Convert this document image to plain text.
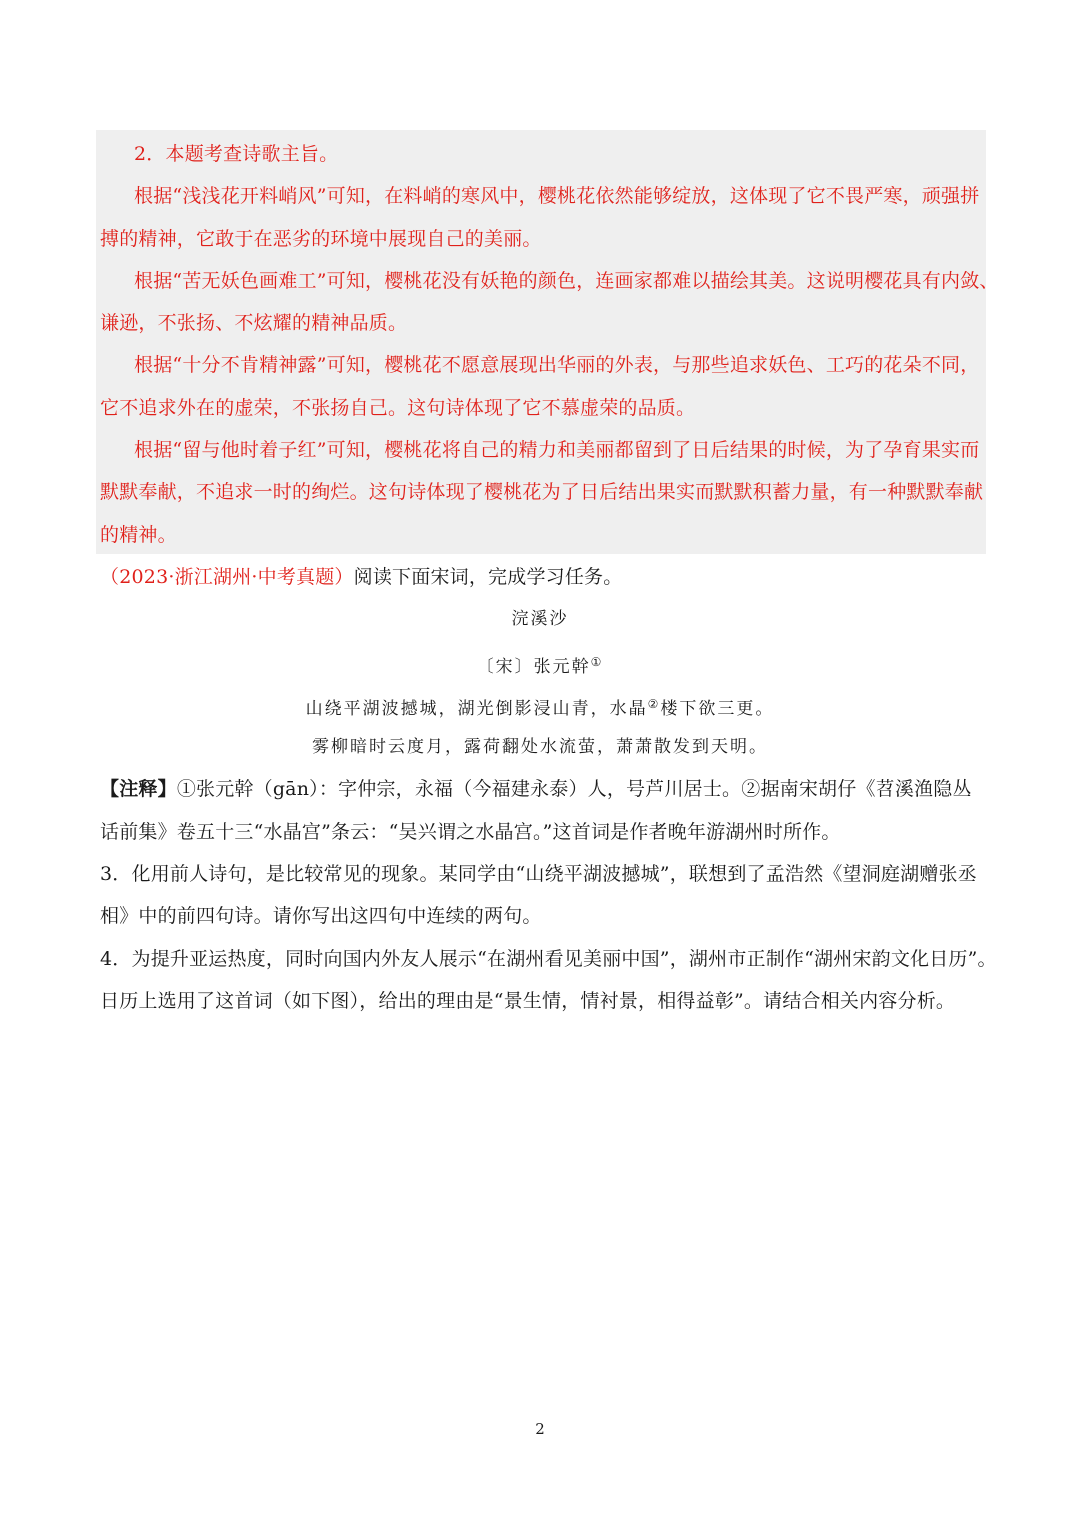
2．本题考查诗歌主旨。
根据“浅浅花开料峭风”可知，在料峭的寒风中，樱桃花依然能够绽放，这体现了它不畏严寒，顽强拼
搏的精神，它敢于在恶劣的环境中展现自己的美丽。
根据“苦无妖色画难工”可知，樱桃花没有妖艳的颜色，连画家都难以描绘其美。这说明樱花具有内敛、
谦逊，不张扬、不炫耀的精神品质。
根据“十分不肯精神露”可知，樱桃花不愿意展现出华丽的外表，与那些追求妖色、工巧的花朵不同，
它不追求外在的虚荣，不张扬自己。这句诗体现了它不慕虚荣的品质。
根据“留与他时着子红”可知，樱桃花将自己的精力和美丽都留到了日后结果的时候，为了孕育果实而
默默奉献，不追求一时的绚烂。这句诗体现了樱桃花为了日后结出果实而默默积蓄力量，有一种默默奉献
的精神。
（2023·浙江湖州·中考真题）阅读下面宋词，完成学习任务。
浣溪沙
〔宋〕张元幹①
山绕平湖波撼城，湖光倒影浸山青，水晶②楼下欲三更。
雾柳暗时云度月，露荷翻处水流萤，萧萧散发到天明。
【注释】①张元幹（gān）：字仲宗，永福（今福建永泰）人，号芦川居士。②据南宋胡仔《苕溪渔隐丛
话前集》卷五十三“水晶宫”条云：“吴兴谓之水晶宫。”这首词是作者晚年游湖州时所作。
3．化用前人诗句，是比较常见的现象。某同学由“山绕平湖波撼城”，联想到了孟浩然《望洞庭湖赠张丞
相》中的前四句诗。请你写出这四句中连续的两句。
4．为提升亚运热度，同时向国内外友人展示“在湖州看见美丽中国”，湖州市正制作“湖州宋韵文化日历”。
日历上选用了这首词（如下图），给出的理由是“景生情，情衬景，相得益彰”。请结合相关内容分析。
2
